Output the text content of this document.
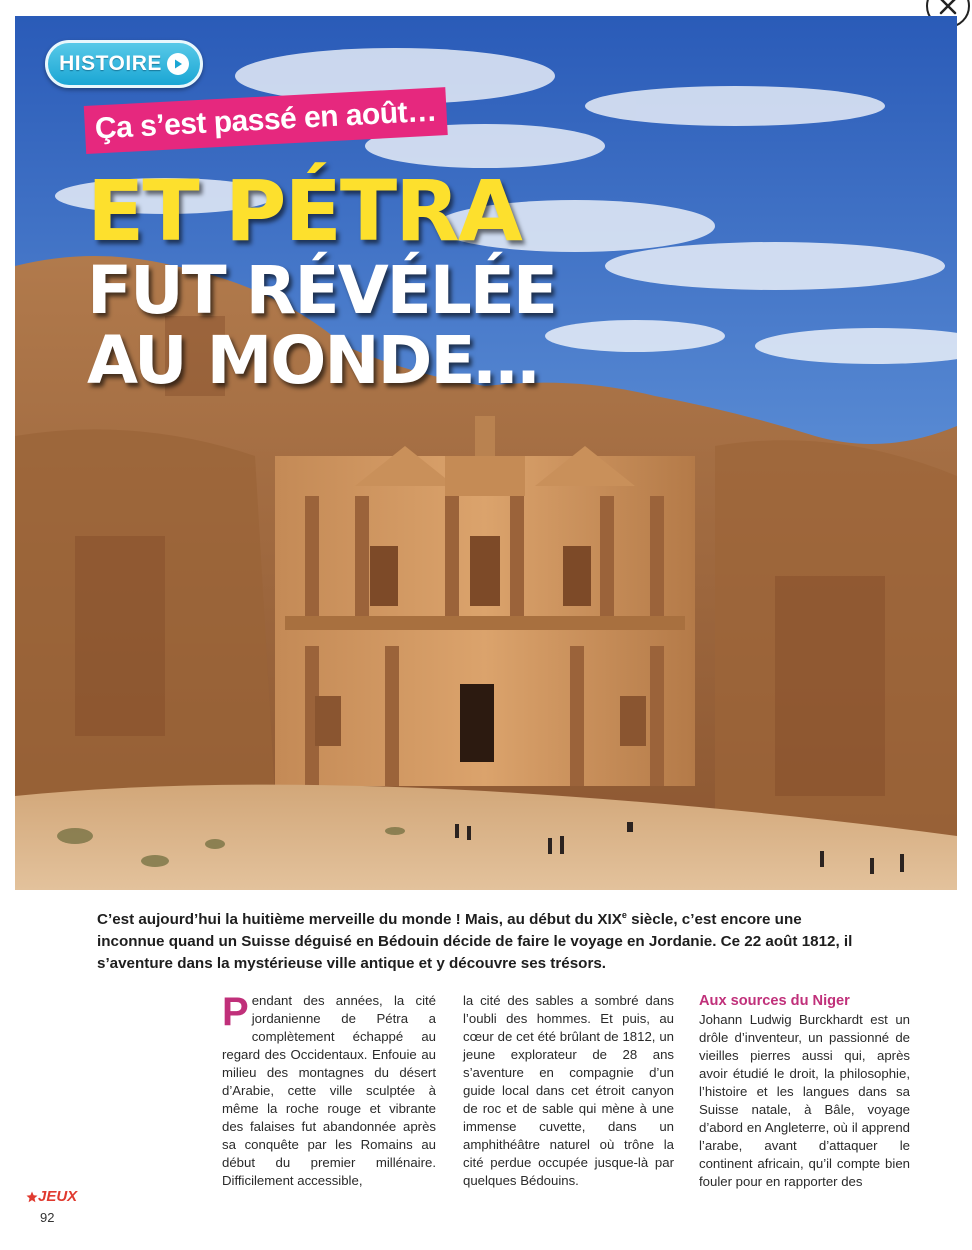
HISTOIRE
Ça s’est passé en août…
ET PÉTRA
FUT RÉVÉLÉE
AU MONDE…

C’est aujourd’hui la huitième merveille du monde ! Mais, au début du XIXe siècle, c’est encore une inconnue quand un Suisse déguisé en Bédouin décide de faire le voyage en Jordanie. Ce 22 août 1812, il s’aventure dans la mystérieuse ville antique et y découvre ses trésors.

Pendant des années, la cité jordanienne de Pétra a complètement échappé au regard des Occidentaux. Enfouie au milieu des montagnes du désert d’Arabie, cette ville sculptée à même la roche rouge et vibrante des falaises fut abandonnée après sa conquête par les Romains au début du premier millénaire. Difficilement accessible,
la cité des sables a sombré dans l’oubli des hommes. Et puis, au cœur de cet été brûlant de 1812, un jeune explorateur de 28 ans s’aventure en compagnie d’un guide local dans cet étroit canyon de roc et de sable qui mène à une immense cuvette, dans un amphithéâtre naturel où trône la cité perdue occupée jusque-là par quelques Bédouins.
Aux sources du Niger
Johann Ludwig Burckhardt est un drôle d’inventeur, un passionné de vieilles pierres aussi qui, après avoir étudié le droit, la philosophie, l’histoire et les langues dans sa Suisse natale, à Bâle, voyage d’abord en Angleterre, où il apprend l’arabe, avant d’attaquer le continent africain, qu’il compte bien fouler pour en rapporter des
JEUX
92
